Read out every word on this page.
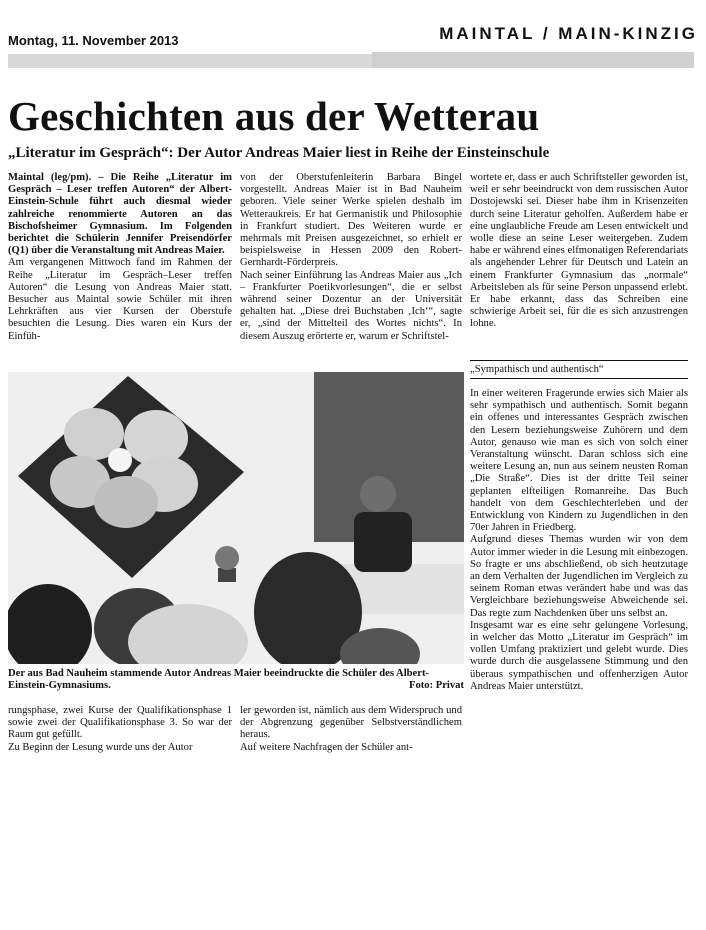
Montag, 11. November 2013	MAINTAL / MAIN-KINZIG
Geschichten aus der Wetterau
„Literatur im Gespräch“: Der Autor Andreas Maier liest in Reihe der Einsteinschule

Maintal (leg/pm). – Die Reihe „Literatur im Gespräch – Leser treffen Autoren“ der Albert-Einstein-Schule führt auch diesmal wieder zahlreiche renommierte Autoren an das Bischofsheimer Gymnasium. Im Folgenden berichtet die Schülerin Jennifer Preisendörfer (Q1) über die Veranstaltung mit Andreas Maier.

Am vergangenen Mittwoch fand im Rahmen der Reihe „Literatur im Gespräch–Leser treffen Autoren“ die Lesung von Andreas Maier statt. Besucher aus Maintal sowie Schüler mit ihren Lehrkräften aus vier Kursen der Oberstufe besuchten die Lesung. Dies waren ein Kurs der Einfüh-

von der Oberstufenleiterin Barbara Bingel vorgestellt. Andreas Maier ist in Bad Nauheim geboren. Viele seiner Werke spielen deshalb im Wetteraukreis. Er hat Germanistik und Philosophie in Frankfurt studiert. Des Weiteren wurde er mehrmals mit Preisen ausgezeichnet, so erhielt er beispielsweise in Hessen 2009 den Robert-Gernhardt-Förderpreis.

Nach seiner Einführung las Andreas Maier aus „Ich – Frankfurter Poetikvorlesungen“, die er selbst während seiner Dozentur an der Universität gehalten hat. „Diese drei Buchstaben ‚Ich‘“, sagte er, „sind der Mittelteil des Wortes nichts“. In diesem Auszug erörterte er, warum er Schriftstel-

wortete er, dass er auch Schriftsteller geworden ist, weil er sehr beeindruckt von dem russischen Autor Dostojewski sei. Dieser habe ihm in Krisenzeiten durch seine Literatur geholfen. Außerdem habe er eine unglaubliche Freude am Lesen entwickelt und wolle diese an seine Leser weitergeben. Zudem habe er während eines elfmonatigen Referendariats als angehender Lehrer für Deutsch und Latein an einem Frankfurter Gymnasium das „normale“ Arbeitsleben als für seine Person unpassend erlebt. Er habe erkannt, dass das Schreiben eine schwierige Arbeit sei, für die es sich anzustrengen lohne.

„Sympathisch und authentisch“

In einer weiteren Fragerunde erwies sich Maier als sehr sympathisch und authentisch. Somit begann ein offenes und interessantes Gespräch zwischen den Lesern beziehungsweise Zuhörern und dem Autor, genauso wie man es sich von solch einer Veranstaltung wünscht. Daran schloss sich eine weitere Lesung an, nun aus seinem neusten Roman „Die Straße“. Dies ist der dritte Teil seiner geplanten elfteiligen Romanreihe. Das Buch handelt von dem Geschlechterleben und der Entwicklung von Kindern zu Jugendlichen in den 70er Jahren in Friedberg.

Aufgrund dieses Themas wurden wir von dem Autor immer wieder in die Lesung mit einbezogen. So fragte er uns abschließend, ob sich heutzutage an dem Verhalten der Jugendlichen im Vergleich zu seinem Roman etwas verändert habe und was das Vergleichbare beziehungsweise Abweichende sei. Das regte zum Nachdenken über uns selbst an.

Insgesamt war es eine sehr gelungene Vorlesung, in welcher das Motto „Literatur im Gespräch“ im vollen Umfang praktiziert und gelebt wurde. Dies wurde durch die ausgelassene Stimmung und den überaus sympathischen und offenherzigen Autor Andreas Maier unterstützt.

Der aus Bad Nauheim stammende Autor Andreas Maier beeindruckte die Schüler des Albert-Einstein-Gymnasiums.	Foto: Privat

rungsphase, zwei Kurse der Qualifikationsphase 1 sowie zwei der Qualifikationsphase 3. So war der Raum gut gefüllt.

Zu Beginn der Lesung wurde uns der Autor

ler geworden ist, nämlich aus dem Widerspruch und der Abgrenzung gegenüber Selbstverständlichem heraus.

Auf weitere Nachfragen der Schüler ant-
